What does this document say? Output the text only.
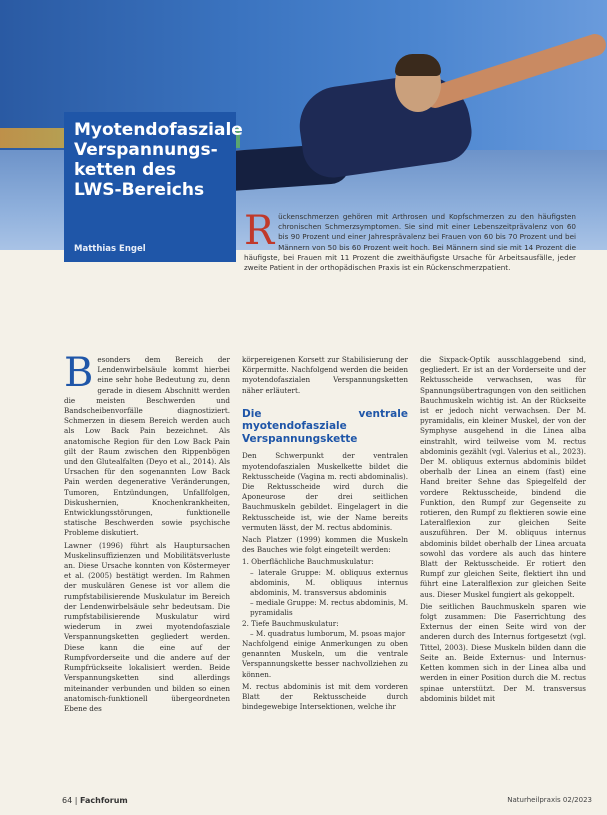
Myotendofasziale Verspannungs-ketten des LWS-Bereichs
Matthias Engel R ückenschmerzen gehören mit Arthrosen und Kopfschmerzen zu den häufigsten chronischen Schmerzsymptomen. Sie sind mit einer Lebenszeitprävalenz von 60 bis 90 Prozent und einer Jahresprävalenz bei Frauen von 60 bis 70 Prozent und bei Männern von 50 bis 60 Prozent weit hoch. Bei Männern sind sie mit 14 Prozent die häufigste, bei Frauen mit 11 Prozent die zweithäufigste Ursache für Arbeitsausfälle, jeder zweite Patient in der orthopädischen Praxis ist ein Rückenschmerzpatient.

B esonders dem Bereich der Lendenwirbelsäule kommt hierbei eine sehr hohe Bedeutung zu, denn gerade in diesem Abschnitt werden die meisten Beschwerden und Bandscheibenvorfälle diagnostiziert. Schmerzen in diesem Bereich werden auch als Low Back Pain bezeichnet. Als anatomische Region für den Low Back Pain gilt der Raum zwischen den Rippenbögen und den Glutealfalten (Deyo et al., 2014). Als Ursachen für den sogenannten Low Back Pain werden degenerative Veränderungen, Tumoren, Entzündungen, Unfallfolgen, Diskushernien, Knochenkrankheiten, Entwicklungsstörungen, funktionelle statische Beschwerden sowie psychische Probleme diskutiert.

Lawner (1996) führt als Hauptursachen Muskelinsuffizienzen und Mobilitätsverluste an. Diese Ursache konnten von Köstermeyer et al. (2005) bestätigt werden. Im Rahmen der muskulären Genese ist vor allem die rumpfstabilisierende Muskulatur im Bereich der Lendenwirbelsäule sehr bedeutsam. Die rumpfstabilisierende Muskulatur wird wiederum in zwei myotendofasziale Verspannungsketten gegliedert werden. Diese kann die eine auf der Rumpfvorderseite und die andere auf der Rumpfrückseite lokalisiert werden. Beide Verspannungsketten sind allerdings miteinander verbunden und bilden so einen anatomisch-funktionell übergeordneten Ebene des

körpereigenen Korsett zur Stabilisierung der Körpermitte. Nachfolgend werden die beiden myotendofaszialen Verspannungsketten näher erläutert.

Die ventrale myotendofasziale Verspannungskette

Den Schwerpunkt der ventralen myotendofaszialen Muskelkette bildet die Rektusscheide (Vagina m. recti abdominalis). Die Rektusscheide wird durch die Aponeurose der drei seitlichen Bauchmuskeln gebildet. Eingelagert in die Rektusscheide ist, wie der Name bereits vermuten lässt, der M. rectus abdominis.

Nach Platzer (1999) kommen die Muskeln des Bauches wie folgt eingeteilt werden:

1. Oberflächliche Bauchmuskulatur:
– laterale Gruppe: M. obliquus externus abdominis, M. obliquus internus abdominis, M. transversus abdominis
– mediale Gruppe: M. rectus abdominis, M. pyramidalis
2. Tiefe Bauchmuskulatur:
– M. quadratus lumborum, M. psoas major

Nachfolgend einige Anmerkungen zu oben genannten Muskeln, um die ventrale Verspannungskette besser nachvollziehen zu können.

M. rectus abdominis ist mit dem vorderen Blatt der Rektusscheide durch bindegewebige Intersektionen, welche ihr

die Sixpack-Optik ausschlaggebend sind, gegliedert. Er ist an der Vorderseite und der Rektusscheide verwachsen, was für Spannungsübertragungen von den seitlichen Bauchmuskeln wichtig ist. An der Rückseite ist er jedoch nicht verwachsen. Der M. pyramidalis, ein kleiner Muskel, der von der Symphyse ausgehend in die Linea alba einstrahlt, wird teilweise vom M. rectus abdominis gezählt (vgl. Valerius et al., 2023). Der M. obliquus externus abdominis bildet oberhalb der Linea an einem (fast) eine Hand breiter Sehne das Spiegelfeld der vordere Rektusscheide, bindend die Funktion, den Rumpf zur Gegenseite zu rotieren, den Rumpf zu flektieren sowie eine Lateralflexion zur gleichen Seite auszuführen. Der M. obliquus internus abdominis bildet oberhalb der Linea arcuata sowohl das vordere als auch das hintere Blatt der Rektusscheide. Er rotiert den Rumpf zur gleichen Seite, flektiert ihn und führt eine Lateralflexion zur gleichen Seite aus. Dieser Muskel fungiert als gekoppelt.

Die seitlichen Bauchmuskeln sparen wie folgt zusammen: Die Faserrichtung des Externus der einen Seite wird von der anderen durch des Internus fortgesetzt (vgl. Tittel, 2003). Diese Muskeln bilden dann die Seite an. Beide Externus- und Internus-Ketten kommen sich in der Linea alba und werden in einer Position durch die M. rectus spinae unterstützt. Der M. transversus abdominis bildet mit

64 | Fachforum	Naturheilpraxis 02/2023
